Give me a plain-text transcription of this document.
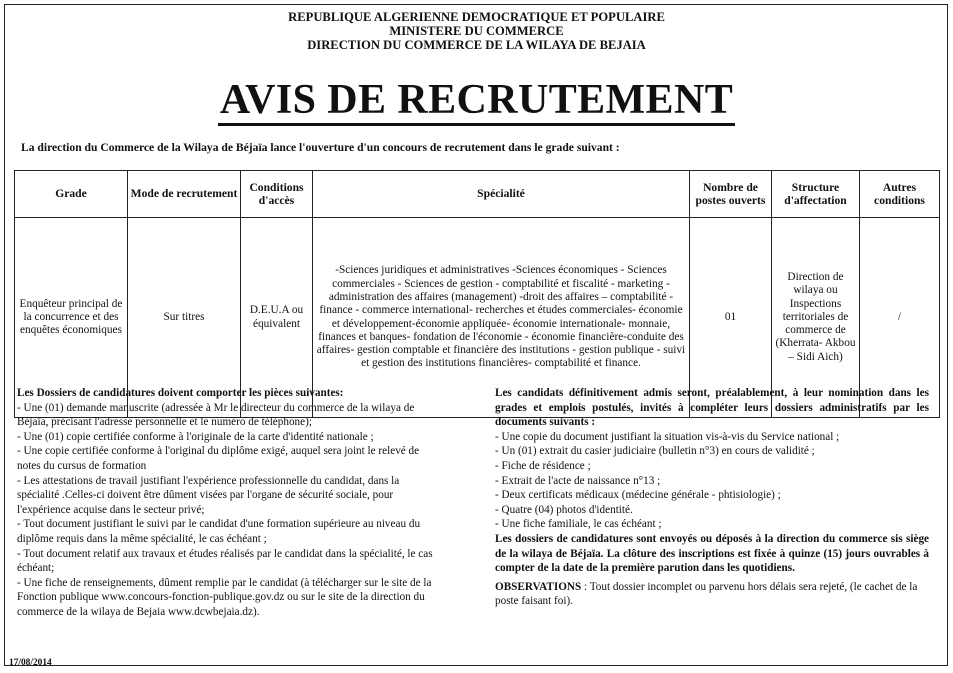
REPUBLIQUE ALGERIENNE DEMOCRATIQUE ET POPULAIRE
MINISTERE DU COMMERCE
DIRECTION DU COMMERCE DE LA WILAYA DE BEJAIA
AVIS DE RECRUTEMENT
La direction du Commerce de la Wilaya de Béjaïa lance l'ouverture d'un concours de recrutement dans le grade suivant :
Grade	Mode de recrutement	Conditions d'accès	Spécialité	Nombre de postes ouverts	Structure d'affectation	Autres conditions
Enquêteur principal de la concurrence et des enquêtes économiques	Sur titres	D.E.U.A ou équivalent	-Sciences juridiques et administratives -Sciences économiques - Sciences commerciales - Sciences de gestion - comptabilité et fiscalité - marketing - administration des affaires (management) -droit des affaires – comptabilité - finance - commerce international- recherches et études commerciales- économie et développement-économie appliquée- économie internationale- monnaie, finances et banques- fondation de l'économie - économie financière-conduite des affaires- gestion comptable et financière des institutions - gestion publique - suivi et gestion des institutions financières- comptabilité et finance.	01	Direction de wilaya ou Inspections territoriales de commerce de (Kherrata- Akbou – Sidi Aich)	/
Les Dossiers de candidatures doivent comporter les pièces suivantes:
- Une (01) demande manuscrite (adressée à Mr le directeur du commerce de la wilaya de Béjaïa, précisant l'adresse personnelle et le numéro de téléphone);
- Une (01) copie certifiée conforme à l'originale de la carte d'identité nationale ;
- Une copie certifiée conforme à l'original du diplôme exigé, auquel sera joint le relevé de notes du cursus de formation
- Les attestations de travail justifiant l'expérience professionnelle du candidat, dans la spécialité .Celles-ci doivent être dûment visées par l'organe de sécurité sociale, pour l'expérience acquise dans le secteur privé;
- Tout document justifiant le suivi par le candidat d'une formation supérieure au niveau du diplôme requis dans la même spécialité, le cas échéant ;
- Tout document relatif aux travaux et études réalisés par le candidat dans la spécialité, le cas échéant;
- Une fiche de renseignements, dûment remplie par le candidat (à télécharger sur le site de la Fonction publique www.concours-fonction-publique.gov.dz ou sur le site de la direction du commerce de la wilaya de Bejaia www.dcwbejaia.dz).
Les candidats définitivement admis seront, préalablement, à leur nomination dans les grades et emplois postulés, invités à compléter leurs dossiers administratifs par les documents suivants :
- Une copie du document justifiant la situation vis-à-vis du Service national ;
- Un (01) extrait du casier judiciaire (bulletin n°3) en cours de validité ;
- Fiche de résidence ;
- Extrait de l'acte de naissance n°13 ;
- Deux certificats médicaux (médecine générale - phtisiologie) ;
- Quatre (04) photos d'identité.
- Une fiche familiale, le cas échéant ;
Les dossiers de candidatures sont envoyés ou déposés à la direction du commerce sis siège de la wilaya de Béjaïa. La clôture des inscriptions est fixée à quinze (15) jours ouvrables à compter de la date de la première parution dans les quotidiens.
OBSERVATIONS : Tout dossier incomplet ou parvenu hors délais sera rejeté, (le cachet de la poste faisant foi).
17/08/2014
